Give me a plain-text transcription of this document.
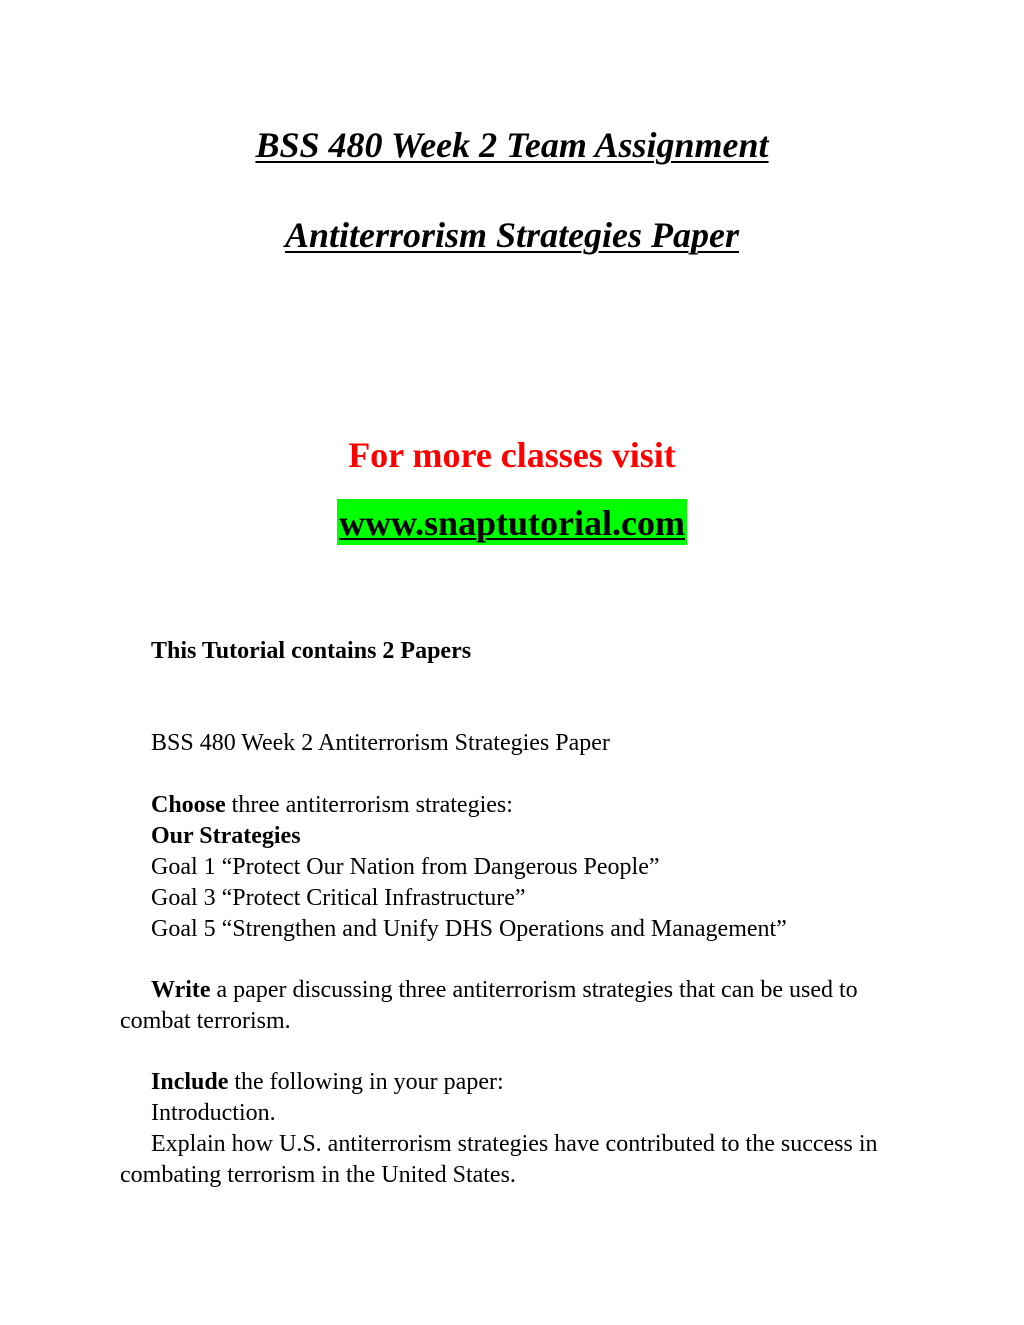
BSS 480 Week 2 Team Assignment
Antiterrorism Strategies Paper
For more classes visit
www.snaptutorial.com
This Tutorial contains 2 Papers
BSS 480 Week 2 Antiterrorism Strategies Paper
Choose three antiterrorism strategies:
Our Strategies
Goal 1 “Protect Our Nation from Dangerous People”
Goal 3 “Protect Critical Infrastructure”
Goal 5 “Strengthen and Unify DHS Operations and Management”
Write a paper discussing three antiterrorism strategies that can be used to combat terrorism.
Include the following in your paper:
Introduction.
Explain how U.S. antiterrorism strategies have contributed to the success in combating terrorism in the United States.
